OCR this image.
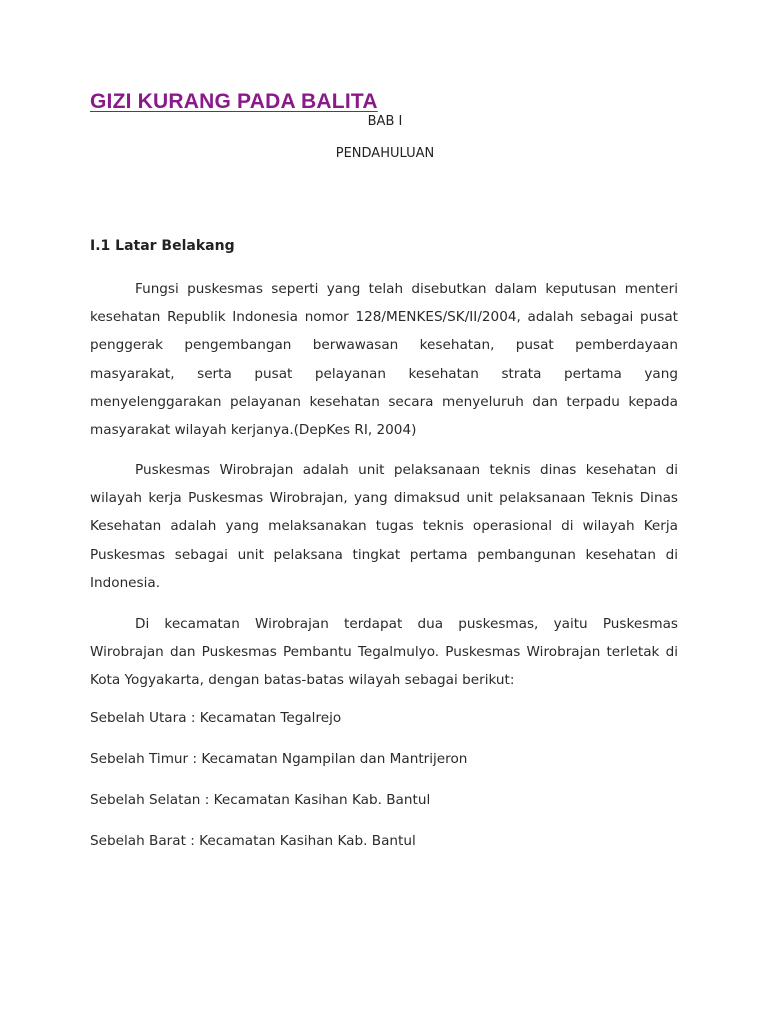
GIZI KURANG PADA BALITA

BAB I

PENDAHULUAN

I.1 Latar Belakang

Fungsi puskesmas seperti yang telah disebutkan dalam keputusan menteri kesehatan Republik Indonesia nomor 128/MENKES/SK/II/2004, adalah sebagai pusat penggerak pengembangan berwawasan kesehatan, pusat pemberdayaan masyarakat, serta pusat pelayanan kesehatan strata pertama yang menyelenggarakan pelayanan kesehatan secara menyeluruh dan terpadu kepada masyarakat wilayah kerjanya.(DepKes RI, 2004)

Puskesmas Wirobrajan adalah unit pelaksanaan teknis dinas kesehatan di wilayah kerja Puskesmas Wirobrajan, yang dimaksud unit pelaksanaan Teknis Dinas Kesehatan adalah yang melaksanakan tugas teknis operasional di wilayah Kerja Puskesmas sebagai unit pelaksana tingkat pertama pembangunan kesehatan di Indonesia.

Di kecamatan Wirobrajan terdapat dua puskesmas, yaitu Puskesmas Wirobrajan dan Puskesmas Pembantu Tegalmulyo. Puskesmas Wirobrajan terletak di Kota Yogyakarta, dengan batas-batas wilayah sebagai berikut:

Sebelah Utara : Kecamatan Tegalrejo

Sebelah Timur : Kecamatan Ngampilan dan Mantrijeron

Sebelah Selatan : Kecamatan Kasihan Kab. Bantul

Sebelah Barat : Kecamatan Kasihan Kab. Bantul
